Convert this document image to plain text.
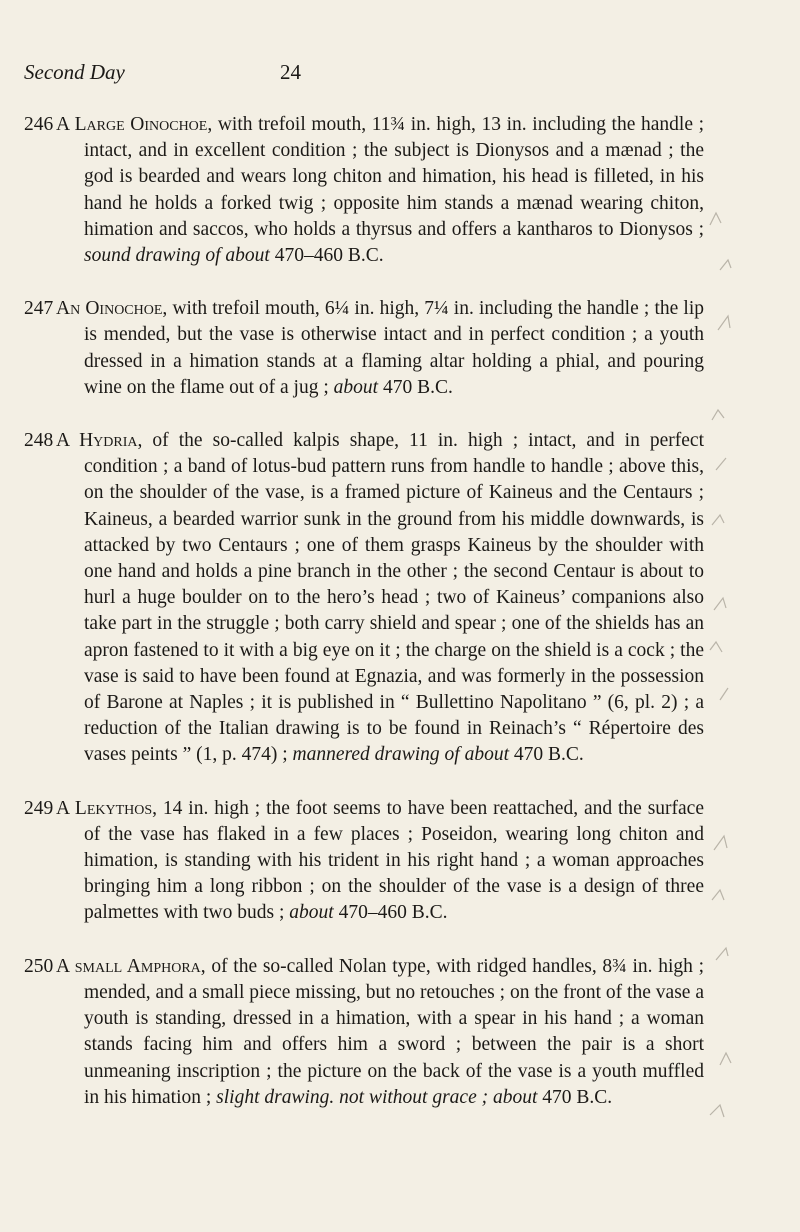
Second Day	24
246 A Large Oinochoe, with trefoil mouth, 11¾ in. high, 13 in. including the handle ; intact, and in excellent condition ; the subject is Dionysos and a mænad ; the god is bearded and wears long chiton and himation, his head is filleted, in his hand he holds a forked twig ; opposite him stands a mænad wearing chiton, himation and saccos, who holds a thyrsus and offers a kantharos to Dionysos ; sound drawing of about 470–460 B.C.

247 An Oinochoe, with trefoil mouth, 6¼ in. high, 7¼ in. including the handle ; the lip is mended, but the vase is otherwise intact and in perfect condition ; a youth dressed in a himation stands at a flaming altar holding a phial, and pouring wine on the flame out of a jug ; about 470 B.C.

248 A Hydria, of the so-called kalpis shape, 11 in. high ; intact, and in perfect condition ; a band of lotus-bud pattern runs from handle to handle ; above this, on the shoulder of the vase, is a framed picture of Kaineus and the Centaurs ; Kaineus, a bearded warrior sunk in the ground from his middle downwards, is attacked by two Centaurs ; one of them grasps Kaineus by the shoulder with one hand and holds a pine branch in the other ; the second Centaur is about to hurl a huge boulder on to the hero’s head ; two of Kaineus’ companions also take part in the struggle ; both carry shield and spear ; one of the shields has an apron fastened to it with a big eye on it ; the charge on the shield is a cock ; the vase is said to have been found at Egnazia, and was formerly in the possession of Barone at Naples ; it is published in “ Bullettino Napolitano ” (6, pl. 2) ; a reduction of the Italian drawing is to be found in Reinach’s “ Répertoire des vases peints ” (1, p. 474) ; mannered drawing of about 470 B.C.

249 A Lekythos, 14 in. high ; the foot seems to have been reattached, and the surface of the vase has flaked in a few places ; Poseidon, wearing long chiton and himation, is standing with his trident in his right hand ; a woman approaches bringing him a long ribbon ; on the shoulder of the vase is a design of three palmettes with two buds ; about 470–460 B.C.

250 A small Amphora, of the so-called Nolan type, with ridged handles, 8¾ in. high ; mended, and a small piece missing, but no retouches ; on the front of the vase a youth is standing, dressed in a himation, with a spear in his hand ; a woman stands facing him and offers him a sword ; between the pair is a short unmeaning inscription ; the picture on the back of the vase is a youth muffled in his himation ; slight drawing. not without grace ; about 470 B.C.
